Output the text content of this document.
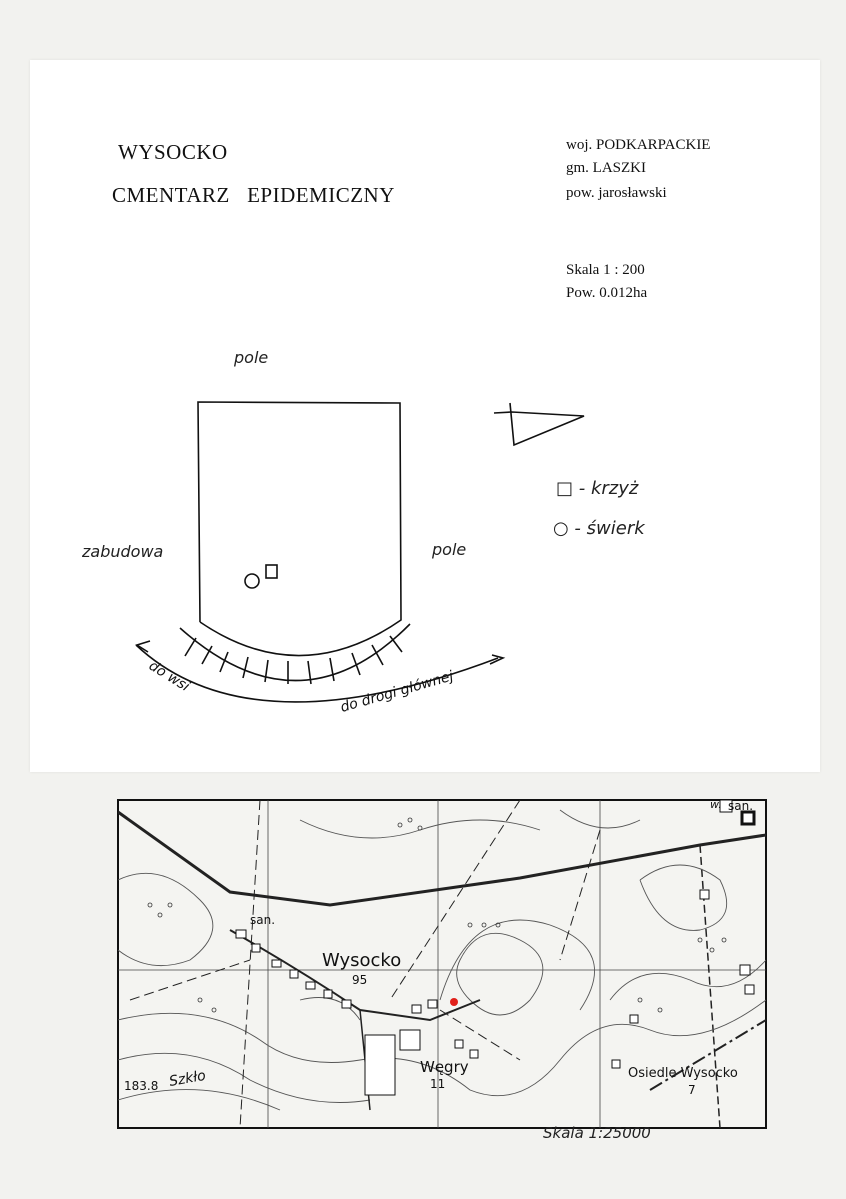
WYSOCKO
CMENTARZ   EPIDEMICZNY
woj. PODKARPACKIE
gm. LASZKI
pow. jarosławski
Skala 1 : 200
Pow. 0.012ha
pole
zabudowa	pole
□ - krzyż
○ - świerk
do wsi	do drogi głównej
Wysocko
95
Węgry
11
Osiedle Wysocko
7
Szkło
183.8
san.
san.
w.
Skala 1:25000
